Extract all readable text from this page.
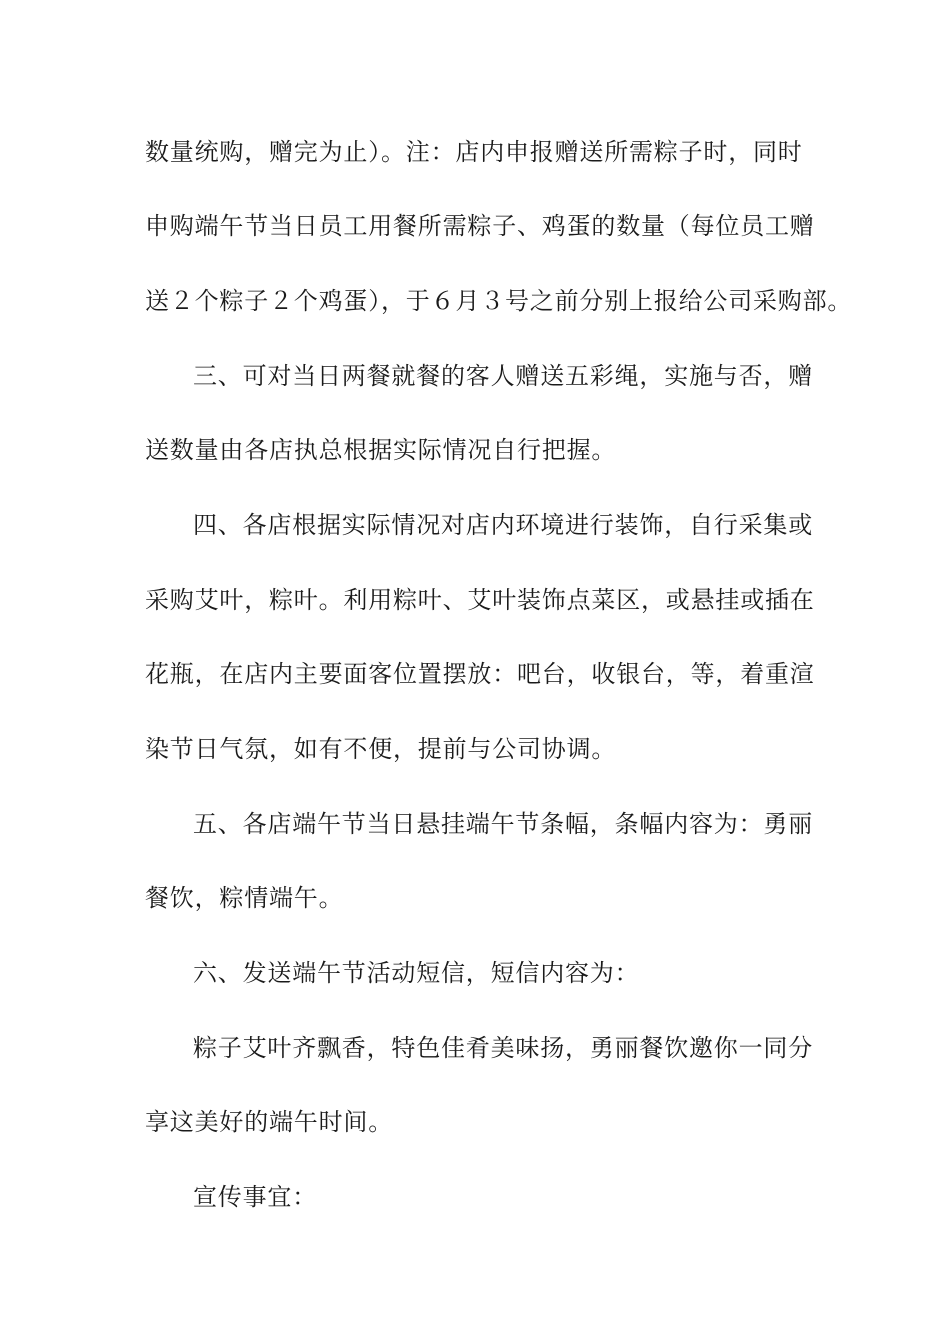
数量统购，赠完为止）。注：店内申报赠送所需粽子时，同时
申购端午节当日员工用餐所需粽子、鸡蛋的数量（每位员工赠
送２个粽子２个鸡蛋），于６月３号之前分别上报给公司采购部。
三、可对当日两餐就餐的客人赠送五彩绳，实施与否，赠
送数量由各店执总根据实际情况自行把握。
四、各店根据实际情况对店内环境进行装饰，自行采集或
采购艾叶，粽叶。利用粽叶、艾叶装饰点菜区，或悬挂或插在
花瓶，在店内主要面客位置摆放：吧台，收银台，等，着重渲
染节日气氛，如有不便，提前与公司协调。
五、各店端午节当日悬挂端午节条幅，条幅内容为：勇丽
餐饮，粽情端午。
六、发送端午节活动短信，短信内容为：
粽子艾叶齐飘香，特色佳肴美味扬，勇丽餐饮邀你一同分
享这美好的端午时间。
宣传事宜：
